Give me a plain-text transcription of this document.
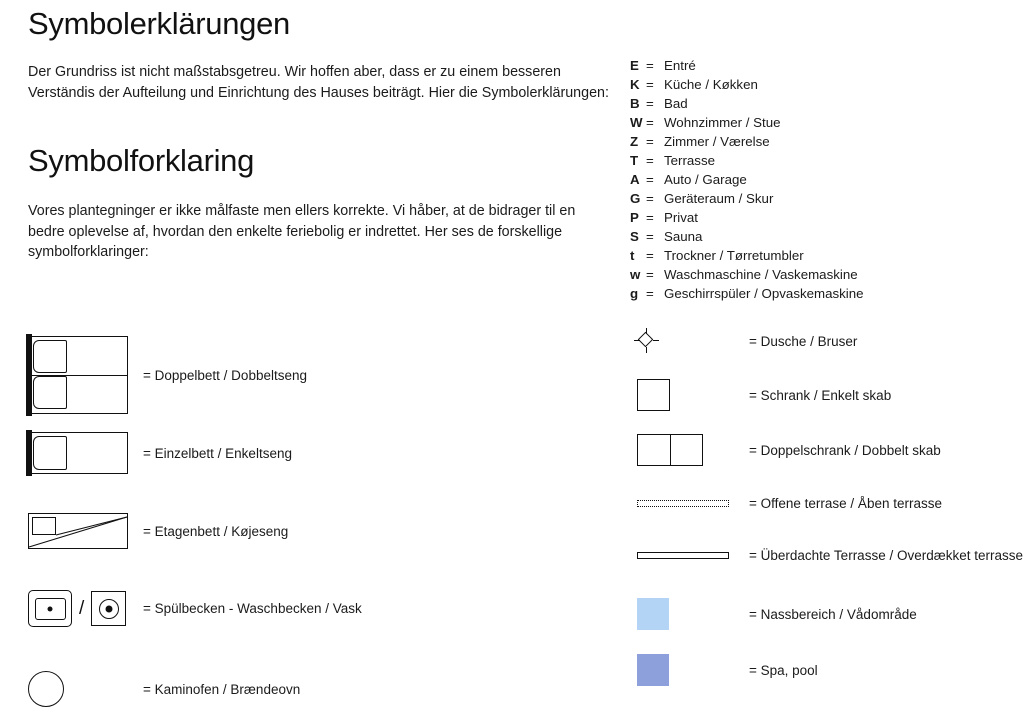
Symbolerklärungen
Der Grundriss ist nicht maßstabsgetreu. Wir hoffen aber, dass er zu einem besseren Verständis der Aufteilung und Einrichtung des Hauses beiträgt. Hier die Symbolerklärungen:
Symbolforklaring
Vores plantegninger er ikke målfaste men ellers korrekte. Vi håber, at de bidrager til en bedre oplevelse af, hvordan den enkelte feriebolig er indrettet. Her ses de forskellige symbolforklaringer:
= Doppelbett / Dobbeltseng
= Einzelbett / Enkeltseng
= Etagenbett / Køjeseng
/	= Spülbecken - Waschbecken / Vask
= Kaminofen / Brændeovn
E = Entré
K = Küche / Køkken
B = Bad
W = Wohnzimmer / Stue
Z = Zimmer / Værelse
T = Terrasse
A = Auto / Garage
G = Geräteraum / Skur
P = Privat
S = Sauna
t = Trockner / Tørretumbler
w = Waschmaschine / Vaskemaskine
g = Geschirrspüler / Opvaskemaskine
= Dusche / Bruser
= Schrank / Enkelt skab
= Doppelschrank / Dobbelt skab
= Offene terrase / Åben terrasse
= Überdachte Terrasse / Overdækket terrasse
= Nassbereich / Vådområde
= Spa, pool
